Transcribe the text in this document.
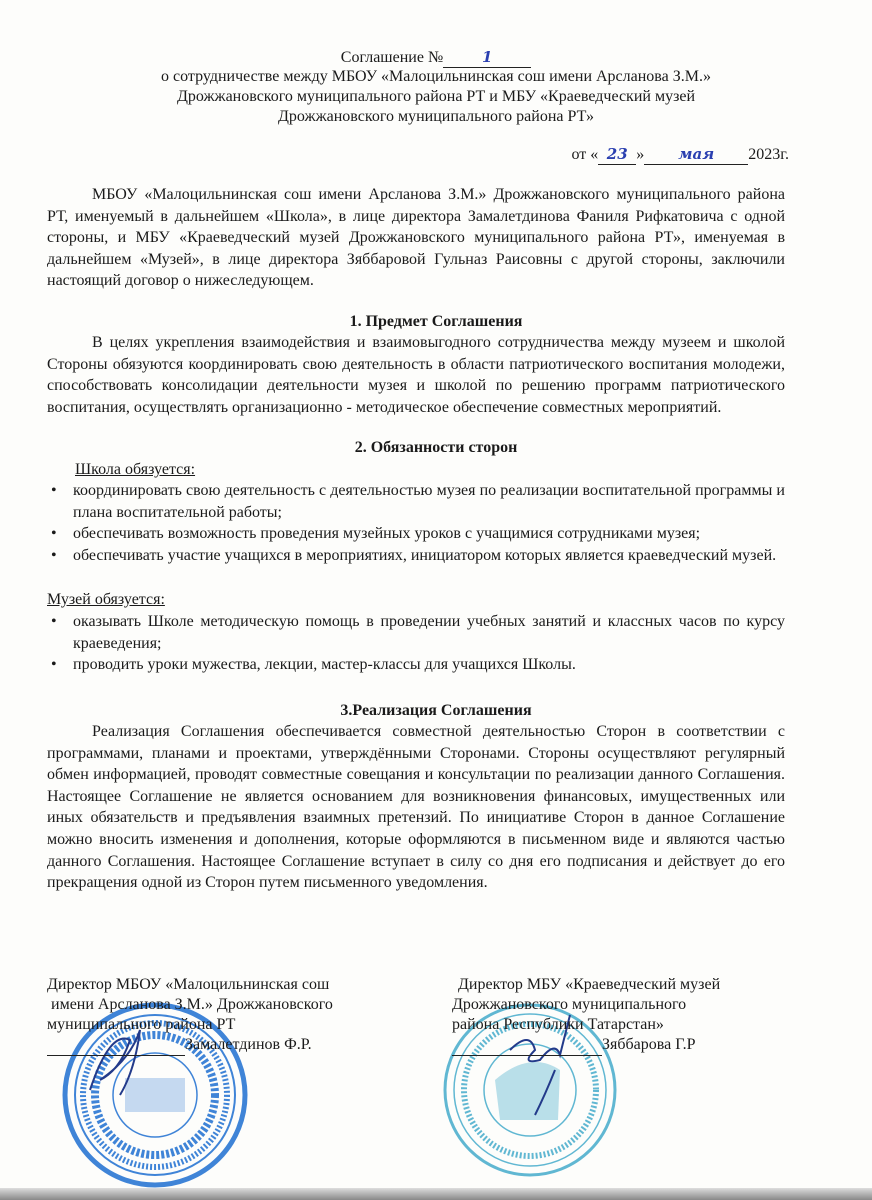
Соглашение №	1
о сотрудничестве между МБОУ «Малоцильнинская сош имени Арсланова З.М.»
Дрожжановского муниципального района РТ и МБУ «Краеведческий музей
Дрожжановского муниципального района РТ»
от « 23 » мая 2023г.
МБОУ «Малоцильнинская сош имени Арсланова З.М.» Дрожжановского муниципального района РТ, именуемый в дальнейшем «Школа», в лице директора Замалетдинова Фаниля Рифкатовича с одной стороны, и МБУ «Краеведческий музей Дрожжановского муниципального района РТ», именуемая в дальнейшем «Музей», в лице директора Зяббаровой Гульназ Раисовны с другой стороны, заключили настоящий договор о нижеследующем.
1. Предмет Соглашения
В целях укрепления взаимодействия и взаимовыгодного сотрудничества между музеем и школой Стороны обязуются координировать свою деятельность в области патриотического воспитания молодежи, способствовать консолидации деятельности музея и школой по решению программ патриотического воспитания, осуществлять организационно - методическое обеспечение совместных мероприятий.
2. Обязанности сторон
Школа обязуется:
• координировать свою деятельность с деятельностью музея по реализации воспитательной программы и плана воспитательной работы;
• обеспечивать возможность проведения музейных уроков с учащимися сотрудниками музея;
• обеспечивать участие учащихся в мероприятиях, инициатором которых является краеведческий музей.
Музей обязуется:
• оказывать Школе методическую помощь в проведении учебных занятий и классных часов по курсу краеведения;
• проводить уроки мужества, лекции, мастер-классы для учащихся Школы.
3.Реализация Соглашения
Реализация Соглашения обеспечивается совместной деятельностью Сторон в соответствии с программами, планами и проектами, утверждёнными Сторонами. Стороны осуществляют регулярный обмен информацией, проводят совместные совещания и консультации по реализации данного Соглашения. Настоящее Соглашение не является основанием для возникновения финансовых, имущественных или иных обязательств и предъявления взаимных претензий. По инициативе Сторон в данное Соглашение можно вносить изменения и дополнения, которые оформляются в письменном виде и являются частью данного Соглашения. Настоящее Соглашение вступает в силу со дня его подписания и действует до его прекращения одной из Сторон путем письменного уведомления.
Директор МБОУ «Малоцильнинская сош
имени Арсланова З.М.» Дрожжановского
муниципального района РТ
Замалетдинов Ф.Р.
Директор МБУ «Краеведческий музей
Дрожжановского муниципального
района Республики Татарстан»
Зяббарова Г.Р
